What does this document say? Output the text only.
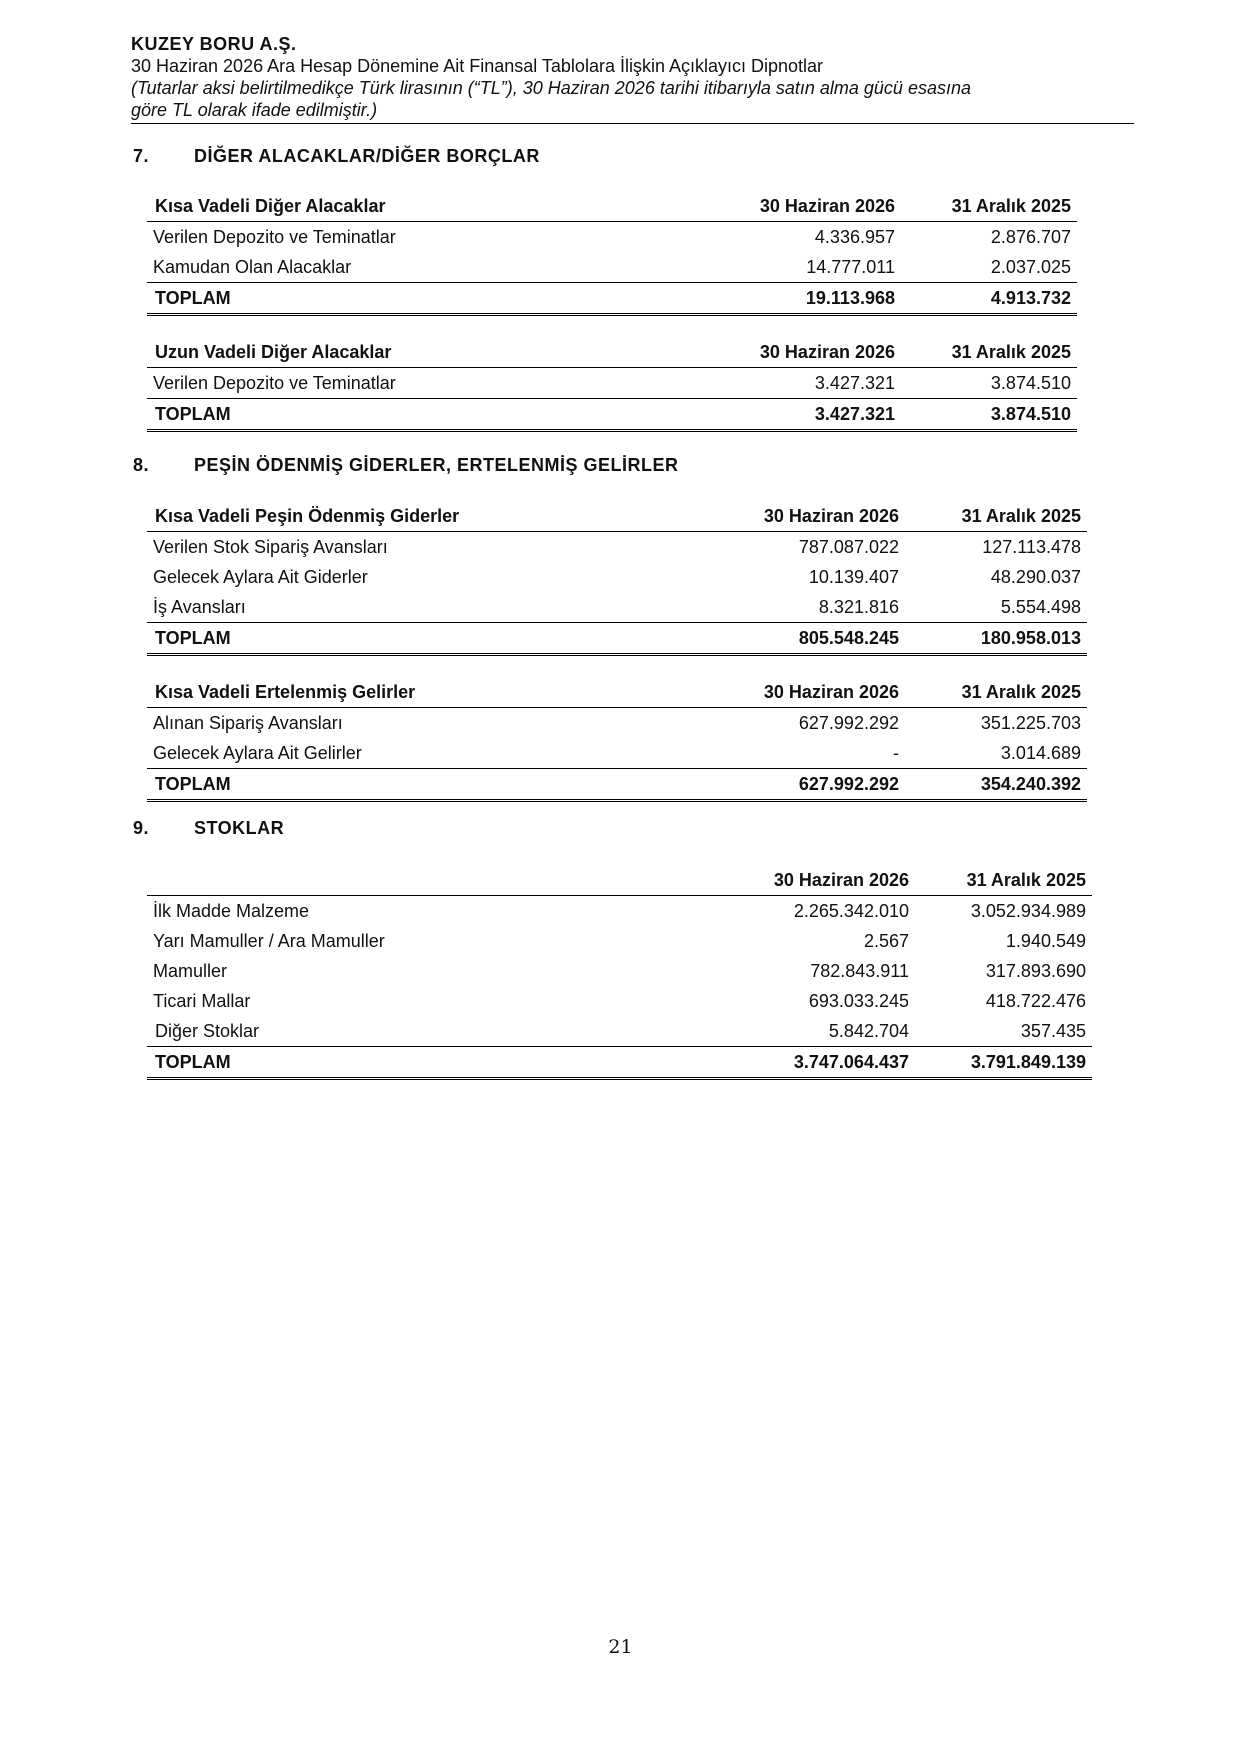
KUZEY BORU A.Ş.
30 Haziran 2026 Ara Hesap Dönemine Ait Finansal Tablolara İlişkin Açıklayıcı Dipnotlar
(Tutarlar aksi belirtilmedikçe Türk lirasının (“TL”), 30 Haziran 2026 tarihi itibarıyla satın alma gücü esasına
göre TL olarak ifade edilmiştir.)
7. DİĞER ALACAKLAR/DİĞER BORÇLAR
Kısa Vadeli Diğer Alacaklar	30 Haziran 2026	31 Aralık 2025
Verilen Depozito ve Teminatlar	4.336.957	2.876.707
Kamudan Olan Alacaklar	14.777.011	2.037.025
TOPLAM	19.113.968	4.913.732
Uzun Vadeli Diğer Alacaklar	30 Haziran 2026	31 Aralık 2025
Verilen Depozito ve Teminatlar	3.427.321	3.874.510
TOPLAM	3.427.321	3.874.510
8. PEŞİN ÖDENMİŞ GİDERLER, ERTELENMİŞ GELİRLER
Kısa Vadeli Peşin Ödenmiş Giderler	30 Haziran 2026	31 Aralık 2025
Verilen Stok Sipariş Avansları	787.087.022	127.113.478
Gelecek Aylara Ait Giderler	10.139.407	48.290.037
İş Avansları	8.321.816	5.554.498
TOPLAM	805.548.245	180.958.013
Kısa Vadeli Ertelenmiş Gelirler	30 Haziran 2026	31 Aralık 2025
Alınan Sipariş Avansları	627.992.292	351.225.703
Gelecek Aylara Ait Gelirler	-	3.014.689
TOPLAM	627.992.292	354.240.392
9. STOKLAR
	30 Haziran 2026	31 Aralık 2025
İlk Madde Malzeme	2.265.342.010	3.052.934.989
Yarı Mamuller / Ara Mamuller	2.567	1.940.549
Mamuller	782.843.911	317.893.690
Ticari Mallar	693.033.245	418.722.476
Diğer Stoklar	5.842.704	357.435
TOPLAM	3.747.064.437	3.791.849.139
21
